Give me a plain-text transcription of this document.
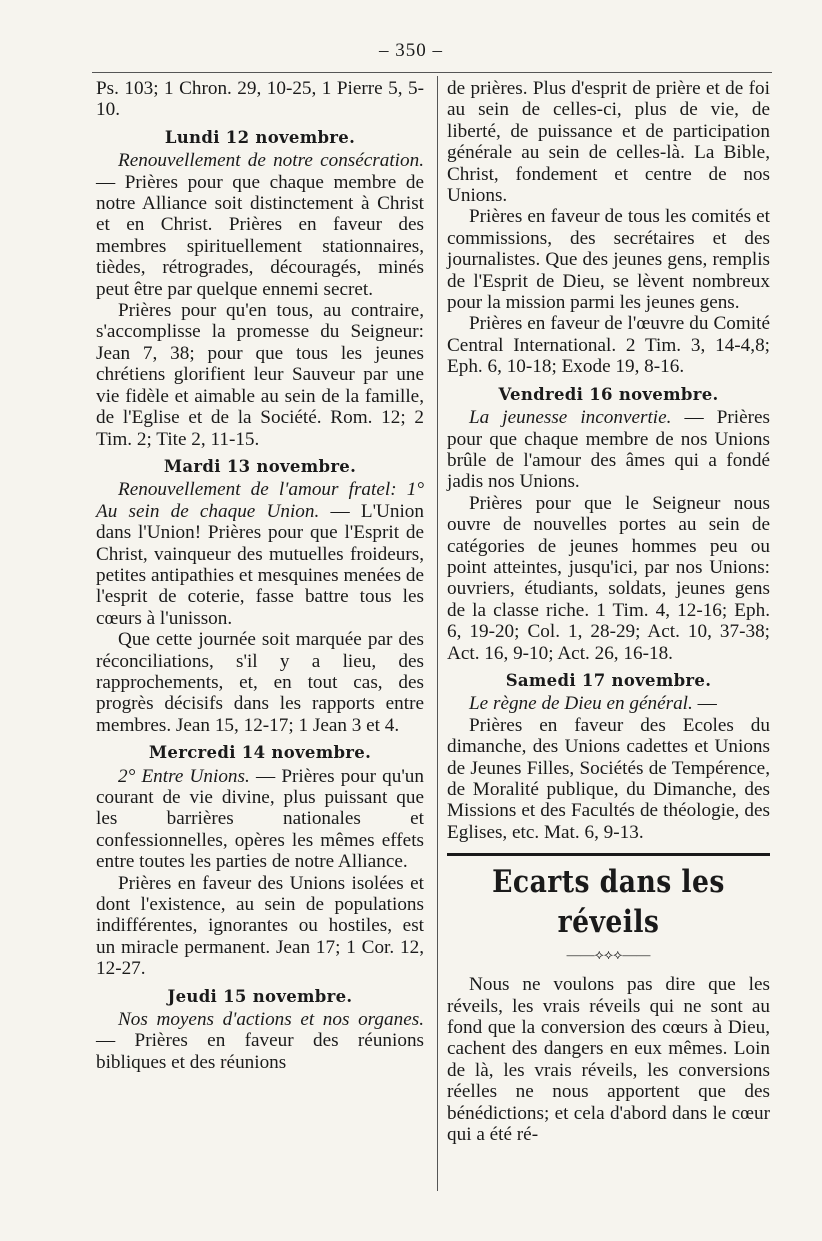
– 350 –

Ps. 103; 1 Chron. 29, 10-25, 1 Pierre 5, 5-10.

Lundi 12 novembre.

Renouvellement de notre consécration. — Prières pour que chaque membre de notre Alliance soit distinctement à Christ et en Christ. Prières en faveur des membres spirituellement stationnaires, tièdes, rétrogrades, découragés, minés peut être par quelque ennemi secret.

Prières pour qu'en tous, au contraire, s'accomplisse la promesse du Seigneur: Jean 7, 38; pour que tous les jeunes chrétiens glorifient leur Sauveur par une vie fidèle et aimable au sein de la famille, de l'Eglise et de la Société. Rom. 12; 2 Tim. 2; Tite 2, 11-15.

Mardi 13 novembre.

Renouvellement de l'amour fratel: 1° Au sein de chaque Union. — L'Union dans l'Union! Prières pour que l'Esprit de Christ, vainqueur des mutuelles froideurs, petites antipathies et mesquines menées de l'esprit de coterie, fasse battre tous les cœurs à l'unisson.

Que cette journée soit marquée par des réconciliations, s'il y a lieu, des rapprochements, et, en tout cas, des progrès décisifs dans les rapports entre membres. Jean 15, 12-17; 1 Jean 3 et 4.

Mercredi 14 novembre.

2° Entre Unions. — Prières pour qu'un courant de vie divine, plus puissant que les barrières nationales et confessionnelles, opères les mêmes effets entre toutes les parties de notre Alliance.

Prières en faveur des Unions isolées et dont l'existence, au sein de populations indifférentes, ignorantes ou hostiles, est un miracle permanent. Jean 17; 1 Cor. 12, 12-27.

Jeudi 15 novembre.

Nos moyens d'actions et nos organes. — Prières en faveur des réunions bibliques et des réunions

de prières. Plus d'esprit de prière et de foi au sein de celles-ci, plus de vie, de liberté, de puissance et de participation générale au sein de celles-là. La Bible, Christ, fondement et centre de nos Unions.

Prières en faveur de tous les comités et commissions, des secrétaires et des journalistes. Que des jeunes gens, remplis de l'Esprit de Dieu, se lèvent nombreux pour la mission parmi les jeunes gens.

Prières en faveur de l'œuvre du Comité Central International. 2 Tim. 3, 14-4,8; Eph. 6, 10-18; Exode 19, 8-16.

Vendredi 16 novembre.

La jeunesse inconvertie. — Prières pour que chaque membre de nos Unions brûle de l'amour des âmes qui a fondé jadis nos Unions.

Prières pour que le Seigneur nous ouvre de nouvelles portes au sein de catégories de jeunes hommes peu ou point atteintes, jusqu'ici, par nos Unions: ouvriers, étudiants, soldats, jeunes gens de la classe riche. 1 Tim. 4, 12-16; Eph. 6, 19-20; Col. 1, 28-29; Act. 10, 37-38; Act. 16, 9-10; Act. 26, 16-18.

Samedi 17 novembre.

Le règne de Dieu en général. —

Prières en faveur des Ecoles du dimanche, des Unions cadettes et Unions de Jeunes Filles, Sociétés de Tempérence, de Moralité publique, du Dimanche, des Missions et des Facultés de théologie, des Eglises, etc. Mat. 6, 9-13.

Ecarts dans les réveils

——⟡⟡⟡——

Nous ne voulons pas dire que les réveils, les vrais réveils qui ne sont au fond que la conversion des cœurs à Dieu, cachent des dangers en eux mêmes. Loin de là, les vrais réveils, les conversions réelles ne nous apportent que des bénédictions; et cela d'abord dans le cœur qui a été ré-
